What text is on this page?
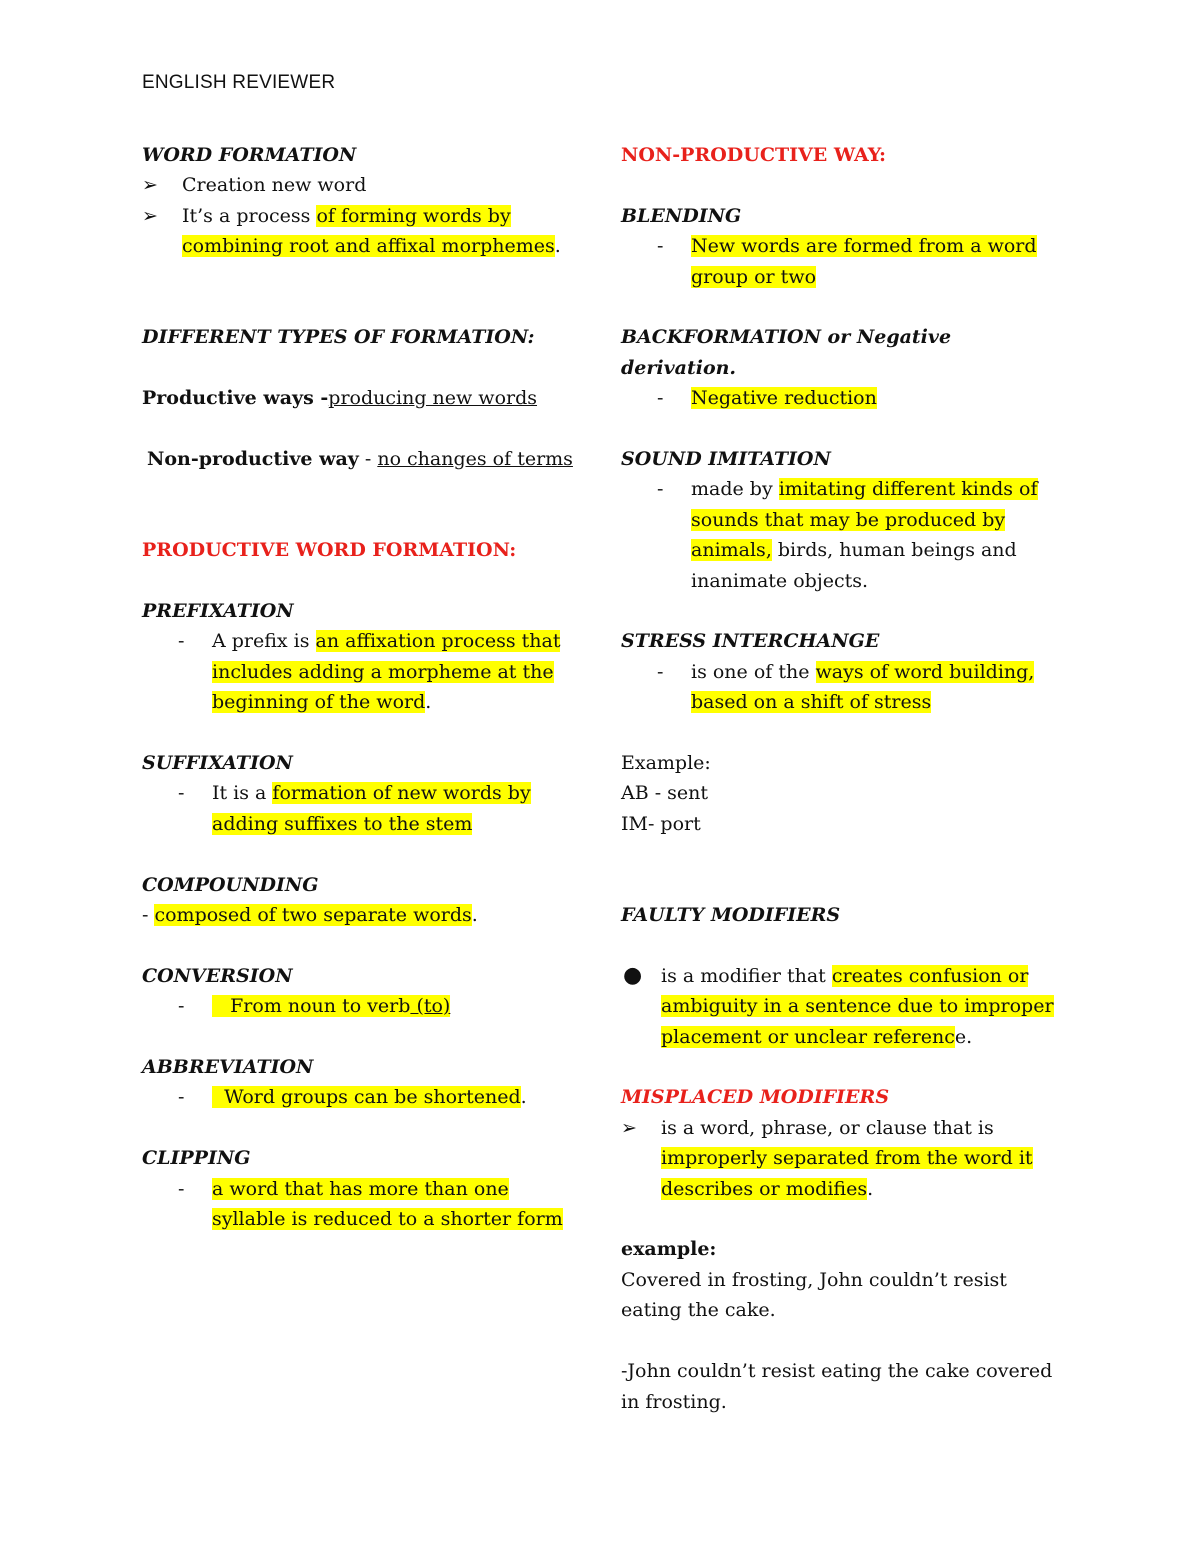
ENGLISH REVIEWER
WORD FORMATION
➢	Creation new word
➢	It’s a process of forming words by combining root and affixal morphemes.
DIFFERENT TYPES OF FORMATION:
Productive ways -producing new words
Non-productive way - no changes of terms
PRODUCTIVE WORD FORMATION:
PREFIXATION
-	A prefix is an affixation process that includes adding a morpheme at the beginning of the word.
SUFFIXATION
-	It is a formation of new words by adding suffixes to the stem
COMPOUNDING
- composed of two separate words.
CONVERSION
-	From noun to verb (to)
ABBREVIATION
-	Word groups can be shortened.
CLIPPING
-	a word that has more than one syllable is reduced to a shorter form
NON-PRODUCTIVE WAY:
BLENDING
-	New words are formed from a word group or two
BACKFORMATION or Negative derivation.
-	Negative reduction
SOUND IMITATION
-	made by imitating different kinds of sounds that may be produced by animals, birds, human beings and inanimate objects.
STRESS INTERCHANGE
-	is one of the ways of word building, based on a shift of stress
Example:
AB - sent
IM- port
FAULTY MODIFIERS
● is a modifier that creates confusion or ambiguity in a sentence due to improper placement or unclear reference.
MISPLACED MODIFIERS
➢	is a word, phrase, or clause that is improperly separated from the word it describes or modifies.
example:
Covered in frosting, John couldn’t resist eating the cake.
-John couldn’t resist eating the cake covered in frosting.
